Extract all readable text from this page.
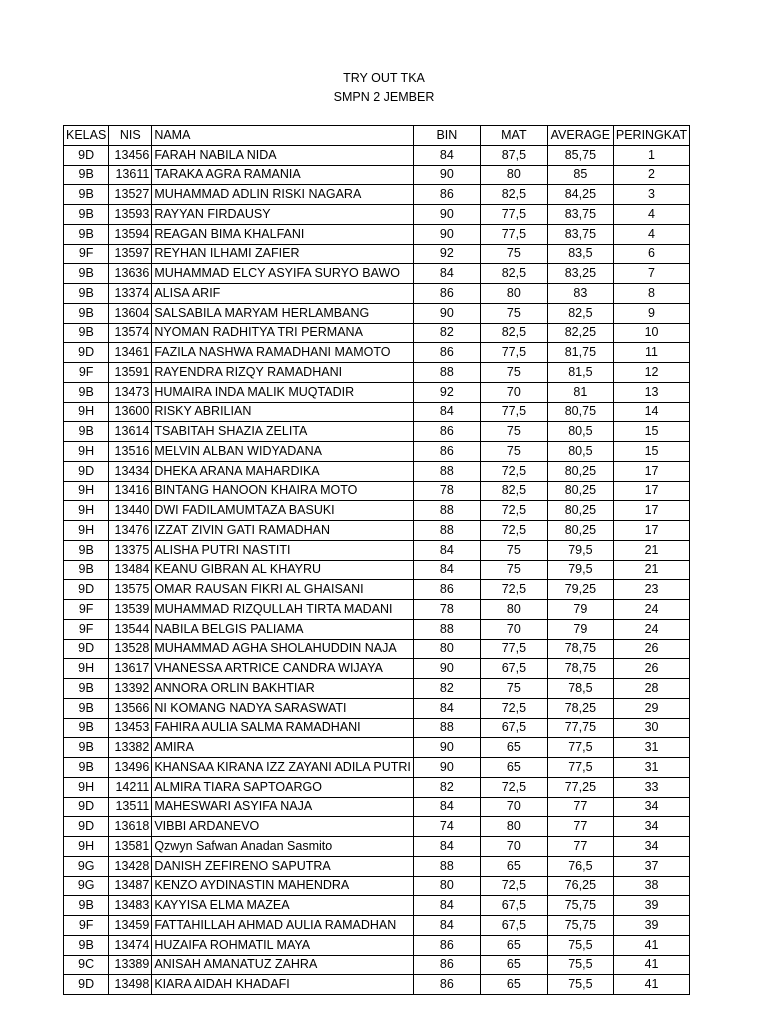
TRY OUT TKA
SMPN 2 JEMBER
KELAS	NIS	NAMA	BIN	MAT	AVERAGE	PERINGKAT
9D	13456	FARAH NABILA NIDA	84	87,5	85,75	1
9B	13611	TARAKA AGRA RAMANIA	90	80	85	2
9B	13527	MUHAMMAD ADLIN RISKI NAGARA	86	82,5	84,25	3
9B	13593	RAYYAN FIRDAUSY	90	77,5	83,75	4
9B	13594	REAGAN BIMA KHALFANI	90	77,5	83,75	4
9F	13597	REYHAN ILHAMI ZAFIER	92	75	83,5	6
9B	13636	MUHAMMAD ELCY ASYIFA SURYO BAWO	84	82,5	83,25	7
9B	13374	ALISA ARIF	86	80	83	8
9B	13604	SALSABILA MARYAM HERLAMBANG	90	75	82,5	9
9B	13574	NYOMAN RADHITYA TRI PERMANA	82	82,5	82,25	10
9D	13461	FAZILA NASHWA RAMADHANI MAMOTO	86	77,5	81,75	11
9F	13591	RAYENDRA RIZQY RAMADHANI	88	75	81,5	12
9B	13473	HUMAIRA INDA MALIK MUQTADIR	92	70	81	13
9H	13600	RISKY ABRILIAN	84	77,5	80,75	14
9B	13614	TSABITAH SHAZIA ZELITA	86	75	80,5	15
9H	13516	MELVIN ALBAN WIDYADANA	86	75	80,5	15
9D	13434	DHEKA ARANA MAHARDIKA	88	72,5	80,25	17
9H	13416	BINTANG HANOON KHAIRA MOTO	78	82,5	80,25	17
9H	13440	DWI FADILAMUMTAZA BASUKI	88	72,5	80,25	17
9H	13476	IZZAT ZIVIN GATI RAMADHAN	88	72,5	80,25	17
9B	13375	ALISHA PUTRI NASTITI	84	75	79,5	21
9B	13484	KEANU GIBRAN AL KHAYRU	84	75	79,5	21
9D	13575	OMAR RAUSAN FIKRI AL GHAISANI	86	72,5	79,25	23
9F	13539	MUHAMMAD RIZQULLAH TIRTA MADANI	78	80	79	24
9F	13544	NABILA BELGIS PALIAMA	88	70	79	24
9D	13528	MUHAMMAD AGHA SHOLAHUDDIN NAJA	80	77,5	78,75	26
9H	13617	VHANESSA ARTRICE CANDRA WIJAYA	90	67,5	78,75	26
9B	13392	ANNORA ORLIN BAKHTIAR	82	75	78,5	28
9B	13566	NI KOMANG NADYA SARASWATI	84	72,5	78,25	29
9B	13453	FAHIRA AULIA SALMA RAMADHANI	88	67,5	77,75	30
9B	13382	AMIRA	90	65	77,5	31
9B	13496	KHANSAA KIRANA IZZ ZAYANI ADILA PUTRI	90	65	77,5	31
9H	14211	ALMIRA TIARA SAPTOARGO	82	72,5	77,25	33
9D	13511	MAHESWARI ASYIFA NAJA	84	70	77	34
9D	13618	VIBBI ARDANEVO	74	80	77	34
9H	13581	Qzwyn Safwan Anadan Sasmito	84	70	77	34
9G	13428	DANISH ZEFIRENO SAPUTRA	88	65	76,5	37
9G	13487	KENZO AYDINASTIN MAHENDRA	80	72,5	76,25	38
9B	13483	KAYYISA ELMA MAZEA	84	67,5	75,75	39
9F	13459	FATTAHILLAH AHMAD AULIA RAMADHAN	84	67,5	75,75	39
9B	13474	HUZAIFA ROHMATIL MAYA	86	65	75,5	41
9C	13389	ANISAH AMANATUZ ZAHRA	86	65	75,5	41
9D	13498	KIARA AIDAH KHADAFI	86	65	75,5	41
